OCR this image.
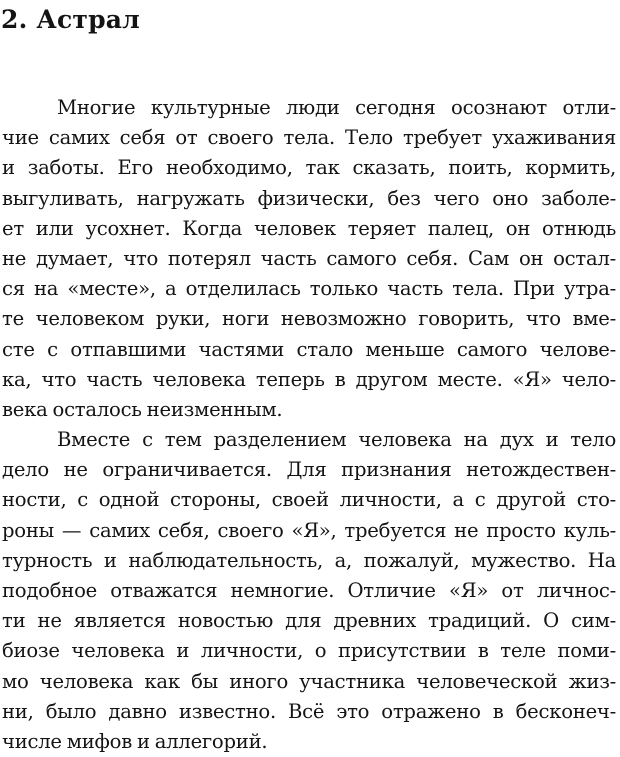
2. Астрал
Многие культурные люди сегодня осознают отли-
чие самих себя от своего тела. Тело требует ухаживания
и заботы. Его необходимо, так сказать, поить, кормить,
выгуливать, нагружать физически, без чего оно заболе-
ет или усохнет. Когда человек теряет палец, он отнюдь
не думает, что потерял часть самого себя. Сам он остал-
ся на «месте», а отделилась только часть тела. При утра-
те человеком руки, ноги невозможно говорить, что вме-
сте с отпавшими частями стало меньше самого челове-
ка, что часть человека теперь в другом месте. «Я» чело-
века осталось неизменным.
Вместе с тем разделением человека на дух и тело
дело не ограничивается. Для признания нетождествен-
ности, с одной стороны, своей личности, а с другой сто-
роны — самих себя, своего «Я», требуется не просто куль-
турность и наблюдательность, а, пожалуй, мужество. На
подобное отважатся немногие. Отличие «Я» от личнос-
ти не является новостью для древних традиций. О сим-
биозе человека и личности, о присутствии в теле поми-
мо человека как бы иного участника человеческой жиз-
ни, было давно известно. Всё это отражено в бесконеч-
числе мифов и аллегорий.
